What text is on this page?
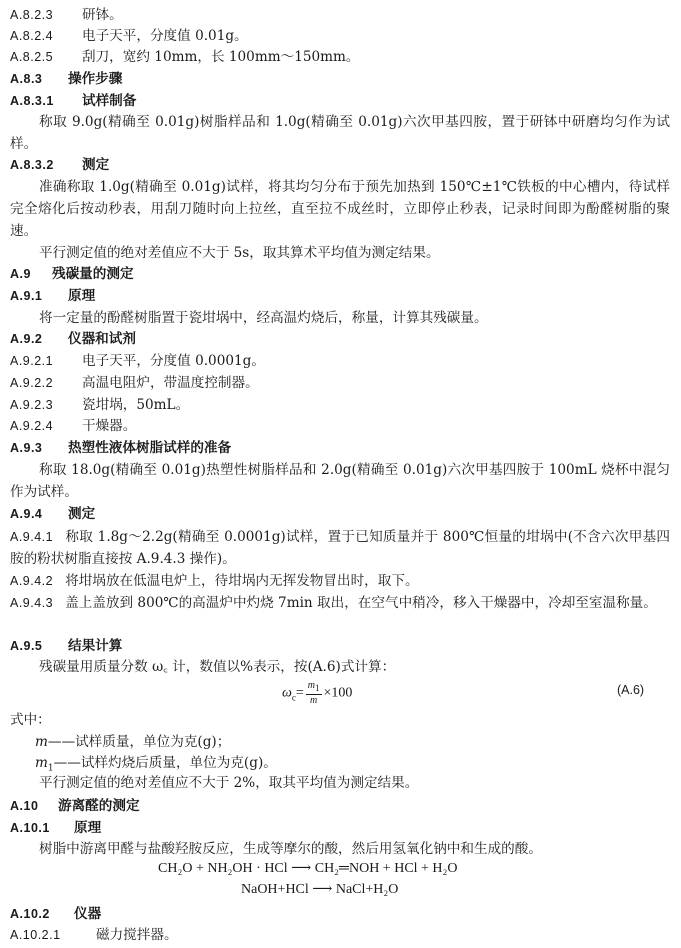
A.8.2.3 研钵。
A.8.2.4 电子天平，分度值 0.01g。
A.8.2.5 刮刀，宽约 10mm，长 100mm～150mm。
A.8.3 操作步骤
A.8.3.1 试样制备
称取 9.0g(精确至 0.01g)树脂样品和 1.0g(精确至 0.01g)六次甲基四胺，置于研钵中研磨均匀作为试样。
A.8.3.2 测定
准确称取 1.0g(精确至 0.01g)试样，将其均匀分布于预先加热到 150℃±1℃铁板的中心槽内，待试样完全熔化后按动秒表，用刮刀随时向上拉丝，直至拉不成丝时，立即停止秒表，记录时间即为酚醛树脂的聚速。
平行测定值的绝对差值应不大于 5s，取其算术平均值为测定结果。
A.9 残碳量的测定
A.9.1 原理
将一定量的酚醛树脂置于瓷坩埚中，经高温灼烧后，称量，计算其残碳量。
A.9.2 仪器和试剂
A.9.2.1 电子天平，分度值 0.0001g。
A.9.2.2 高温电阻炉，带温度控制器。
A.9.2.3 瓷坩埚，50mL。
A.9.2.4 干燥器。
A.9.3 热塑性液体树脂试样的准备
称取 18.0g(精确至 0.01g)热塑性树脂样品和 2.0g(精确至 0.01g)六次甲基四胺于 100mL 烧杯中混匀作为试样。
A.9.4 测定
A.9.4.1 称取 1.8g～2.2g(精确至 0.0001g)试样，置于已知质量并于 800℃恒量的坩埚中(不含六次甲基四胺的粉状树脂直接按 A.9.4.3 操作)。
A.9.4.2 将坩埚放在低温电炉上，待坩埚内无挥发物冒出时，取下。
A.9.4.3 盖上盖放到 800℃的高温炉中灼烧 7min 取出，在空气中稍冷，移入干燥器中，冷却至室温称量。
A.9.5 结果计算
残碳量用质量分数 ω꜀ 计，数值以%表示，按(A.6)式计算：
$\omega_c= \frac{m_1}{m} \times 100$	(A.6)
式中：
m——试样质量，单位为克(g)；
$m_1——$试样灼烧后质量，单位为克(g)。
平行测定值的绝对差值应不大于 2%，取其平均值为测定结果。
A.10 游离醛的测定
A.10.1 原理
树脂中游离甲醛与盐酸羟胺反应，生成等摩尔的酸，然后用氢氧化钠中和生成的酸。
CH₂O + NH₂OH · HCl ⟶ CH₂═NOH + HCl + H₂O
NaOH+HCl ⟶ NaCl+H₂O
A.10.2 仪器
A.10.2.1	磁力搅拌器。
